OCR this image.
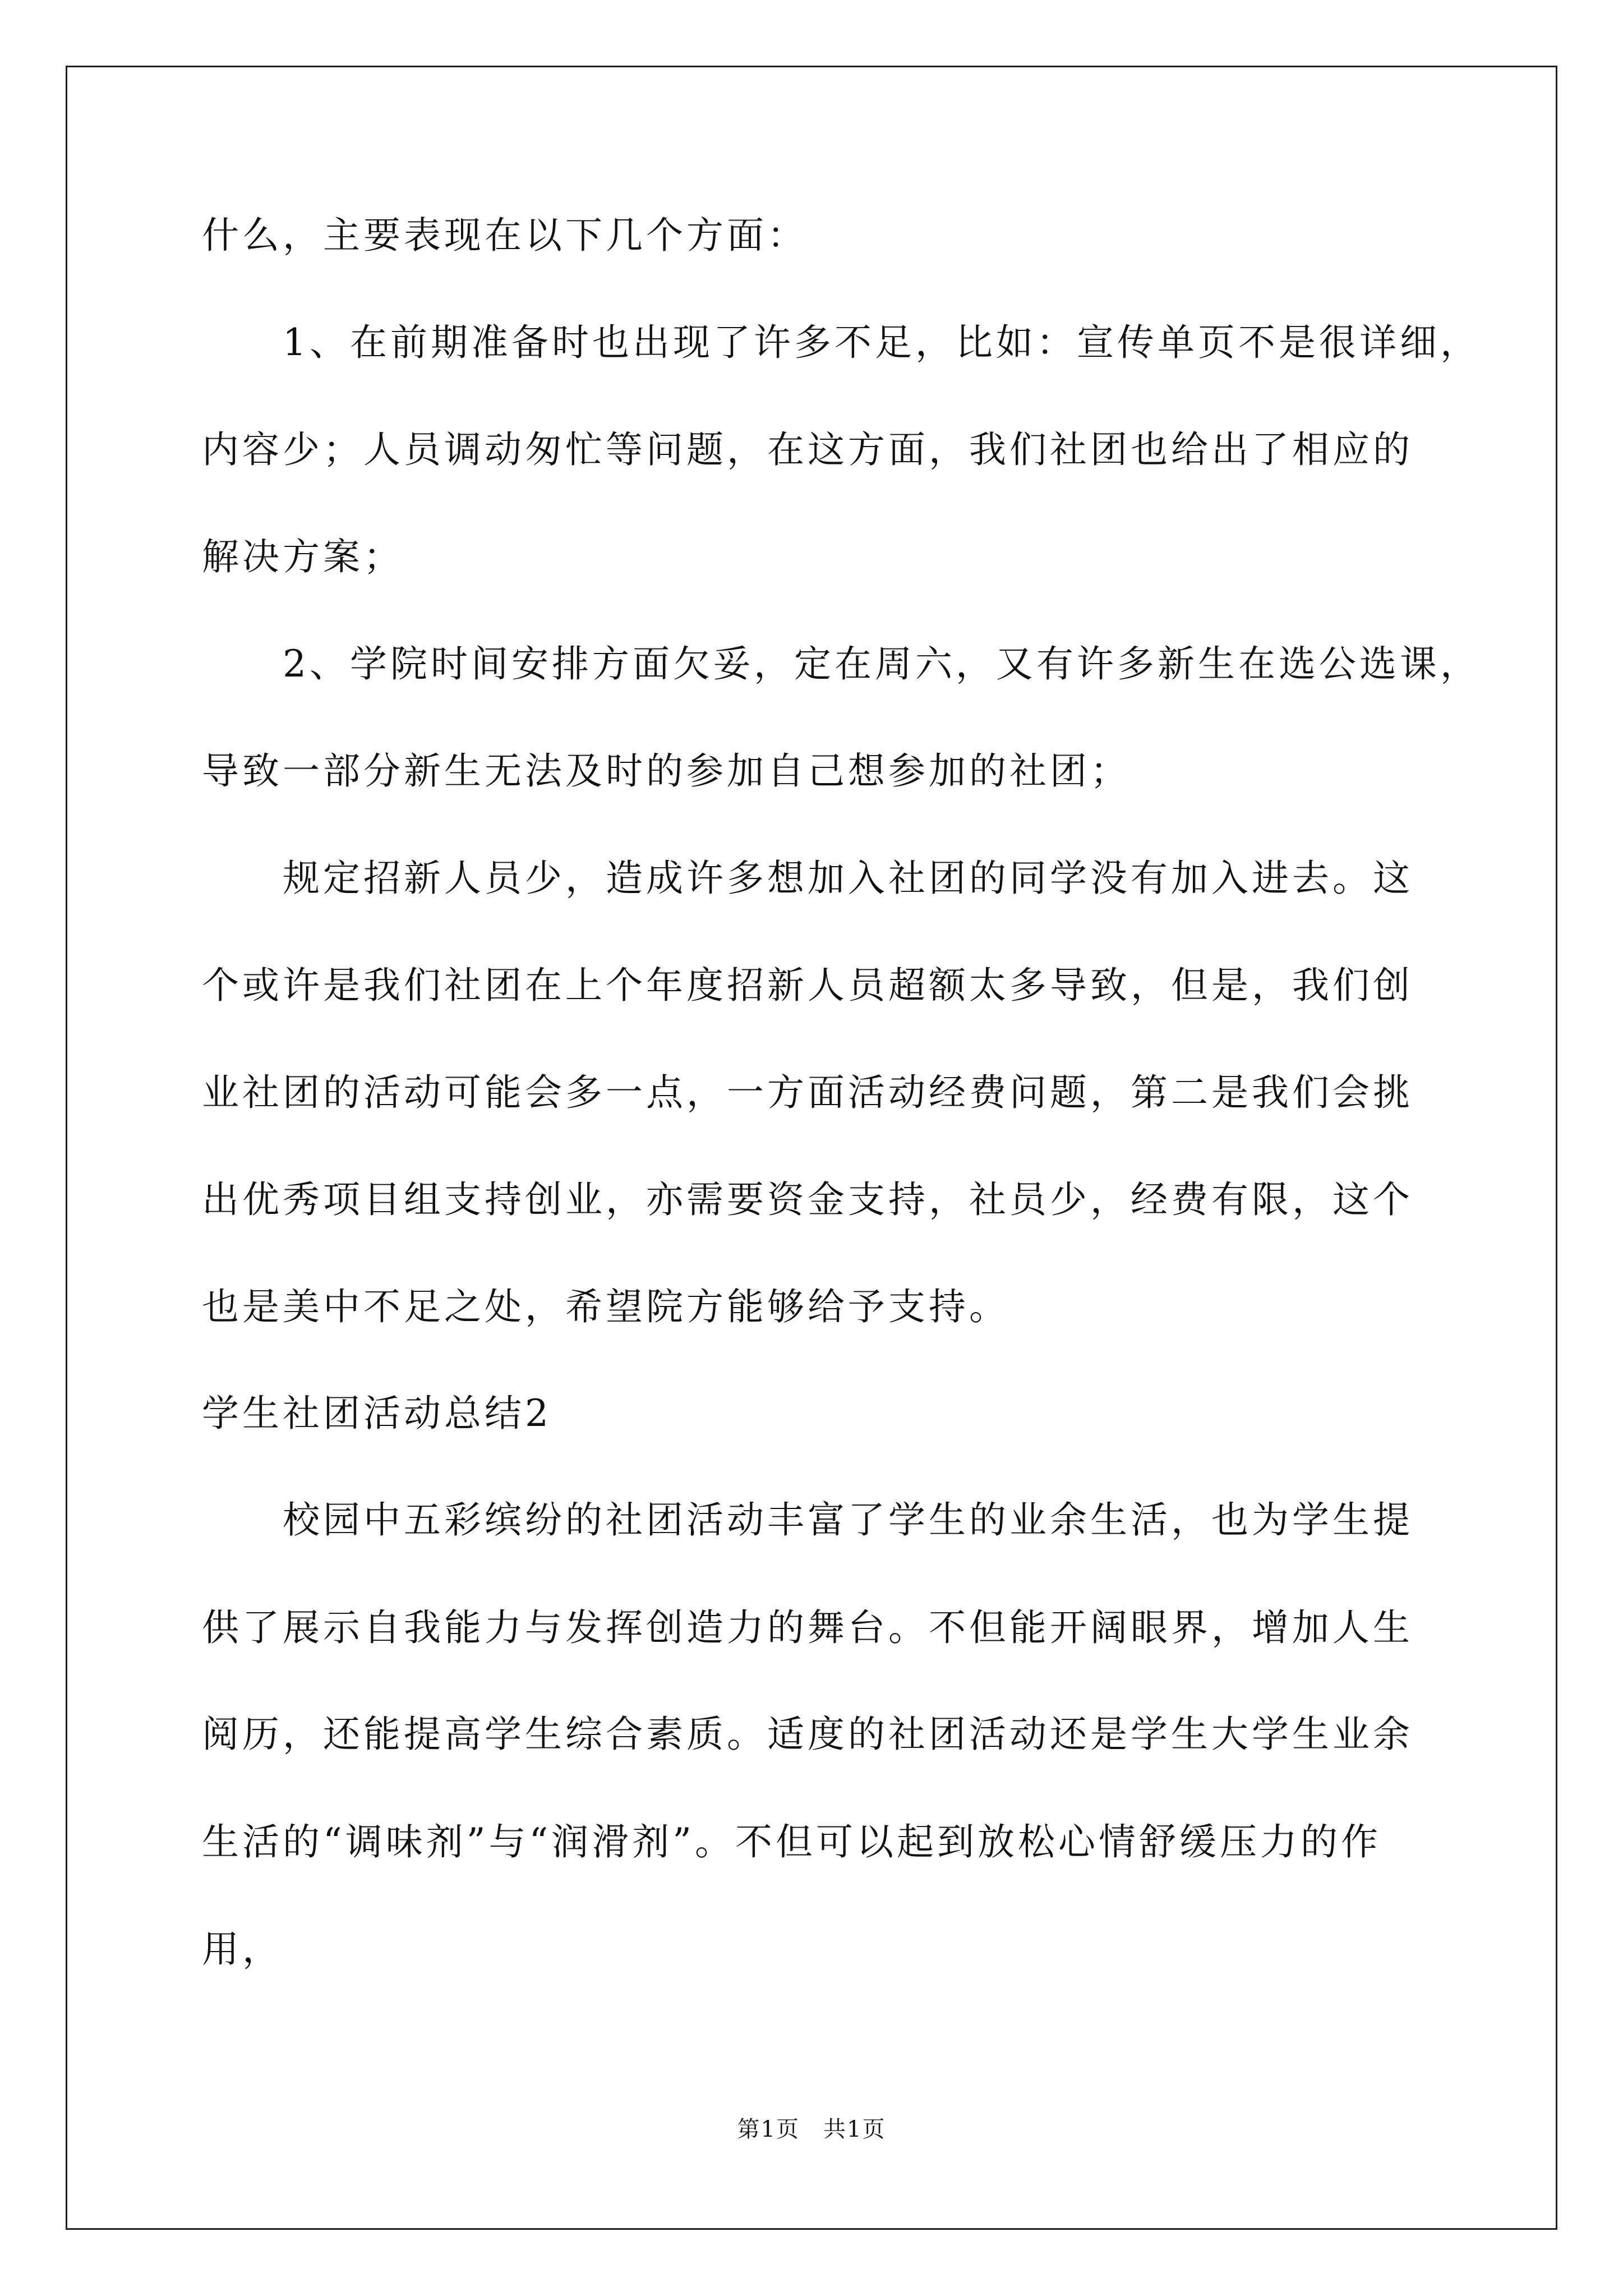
什么，主要表现在以下几个方面：
1、在前期准备时也出现了许多不足，比如：宣传单页不是很详细，
内容少；人员调动匆忙等问题，在这方面，我们社团也给出了相应的
解决方案；
2、学院时间安排方面欠妥，定在周六，又有许多新生在选公选课，
导致一部分新生无法及时的参加自己想参加的社团；
规定招新人员少，造成许多想加入社团的同学没有加入进去。这
个或许是我们社团在上个年度招新人员超额太多导致，但是，我们创
业社团的活动可能会多一点，一方面活动经费问题，第二是我们会挑
出优秀项目组支持创业，亦需要资金支持，社员少，经费有限，这个
也是美中不足之处，希望院方能够给予支持。
学生社团活动总结2
校园中五彩缤纷的社团活动丰富了学生的业余生活，也为学生提
供了展示自我能力与发挥创造力的舞台。不但能开阔眼界，增加人生
阅历，还能提高学生综合素质。适度的社团活动还是学生大学生业余
生活的“调味剂”与“润滑剂”。不但可以起到放松心情舒缓压力的作
用，
第1页　共1页
